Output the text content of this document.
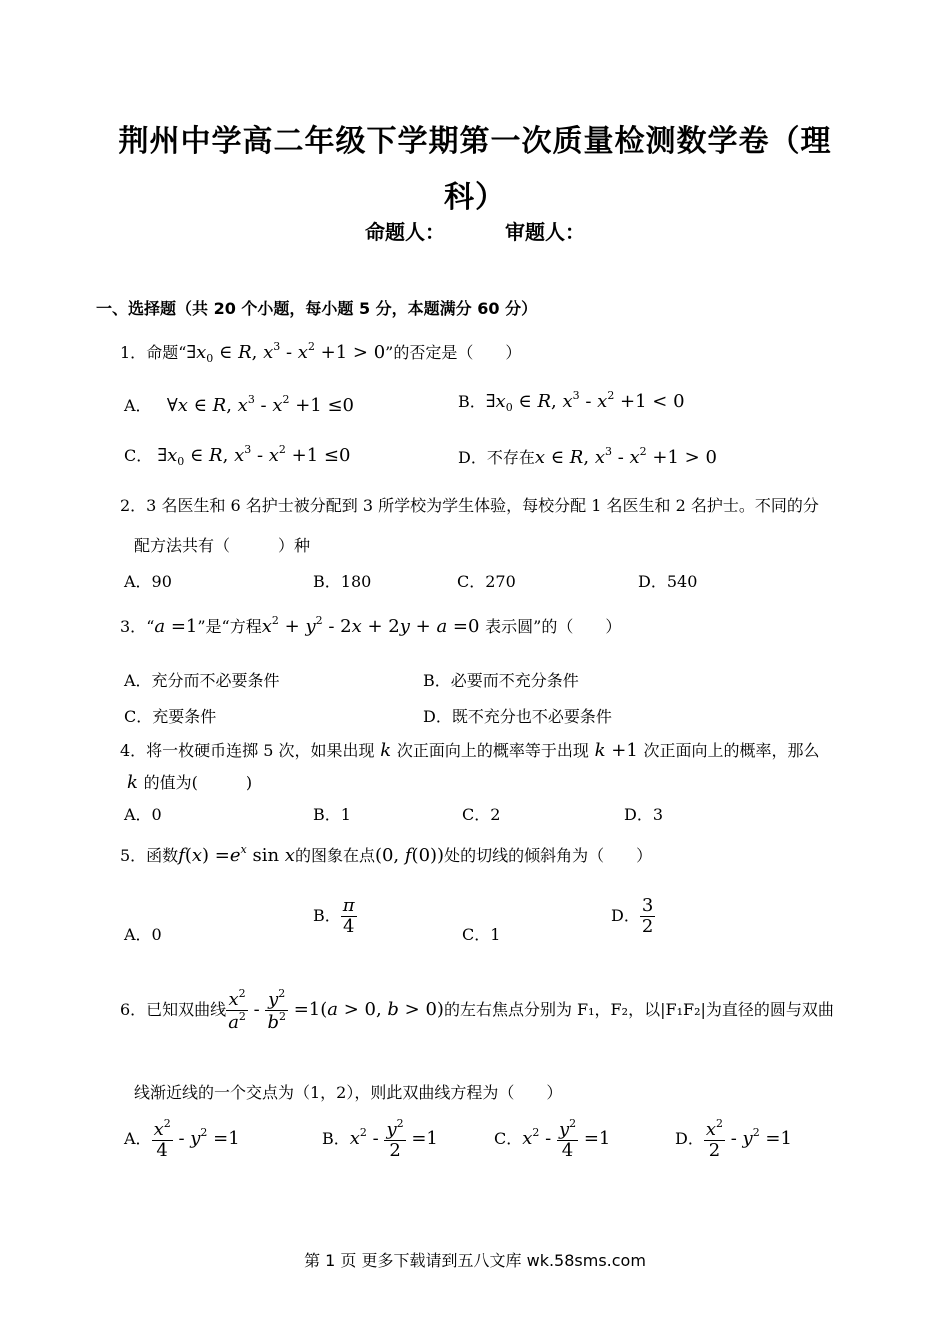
荆州中学高二年级下学期第一次质量检测数学卷（理
科）
命题人：	审题人：
一、选择题（共 20 个小题，每小题 5 分，本题满分 60 分）
1．命题“$\exists x_0$ ∈ R, $x^3 - x^2 +1 > 0$”的否定是（　　）
A． ∀x ∈ R, $x^3 - x^2 +1 \le 0$	B．$\exists x_0$ ∈ R, $x^3 - x^2 +1 < 0$
C． $\exists x_0$ ∈ R, $x^3 - x^2 +1 \le 0$	D．不存在x ∈ R, $x^3 - x^2 +1 > 0$
2．3 名医生和 6 名护士被分配到 3 所学校为学生体验，每校分配 1 名医生和 2 名护士。不同的分
配方法共有（　　　）种
A．90	B．180	C．270	D．540
3．“a =1”是“方程$x^2 + y^2 - 2x + 2y + a =0$ 表示圆”的（　　）
A．充分而不必要条件	B．必要而不充分条件
C．充要条件	D．既不充分也不必要条件
4．将一枚硬币连掷 5 次，如果出现 k 次正面向上的概率等于出现 k +1 次正面向上的概率，那么
k 的值为(　　　)
A．0	B．1	C．2	D．3
5．函数$f(x) =e^x$ sin x的图象在点(0, f(0))处的切线的倾斜角为（　　）
A．0
B． $\frac{\pi}{4}$	C．1
D． $\frac{3}{2}$
6．已知双曲线 $\frac{x^2}{a^2} - \frac{y^2}{b^2} =1(a > 0$, b > 0)的左右焦点分别为 F₁，F₂，以|F₁F₂|为直径的圆与双曲
线渐近线的一个交点为（1，2），则此双曲线方程为（　　）
A． $\frac{x^2}{4} - y^2 =1$	B．$x^2 - \frac{y^2}{2} =1$	C．$x^2 - \frac{y^2}{4} =1$	D． $\frac{x^2}{2} - y^2 =1$
第 1 页 更多下载请到五八文库 wk.58sms.com
